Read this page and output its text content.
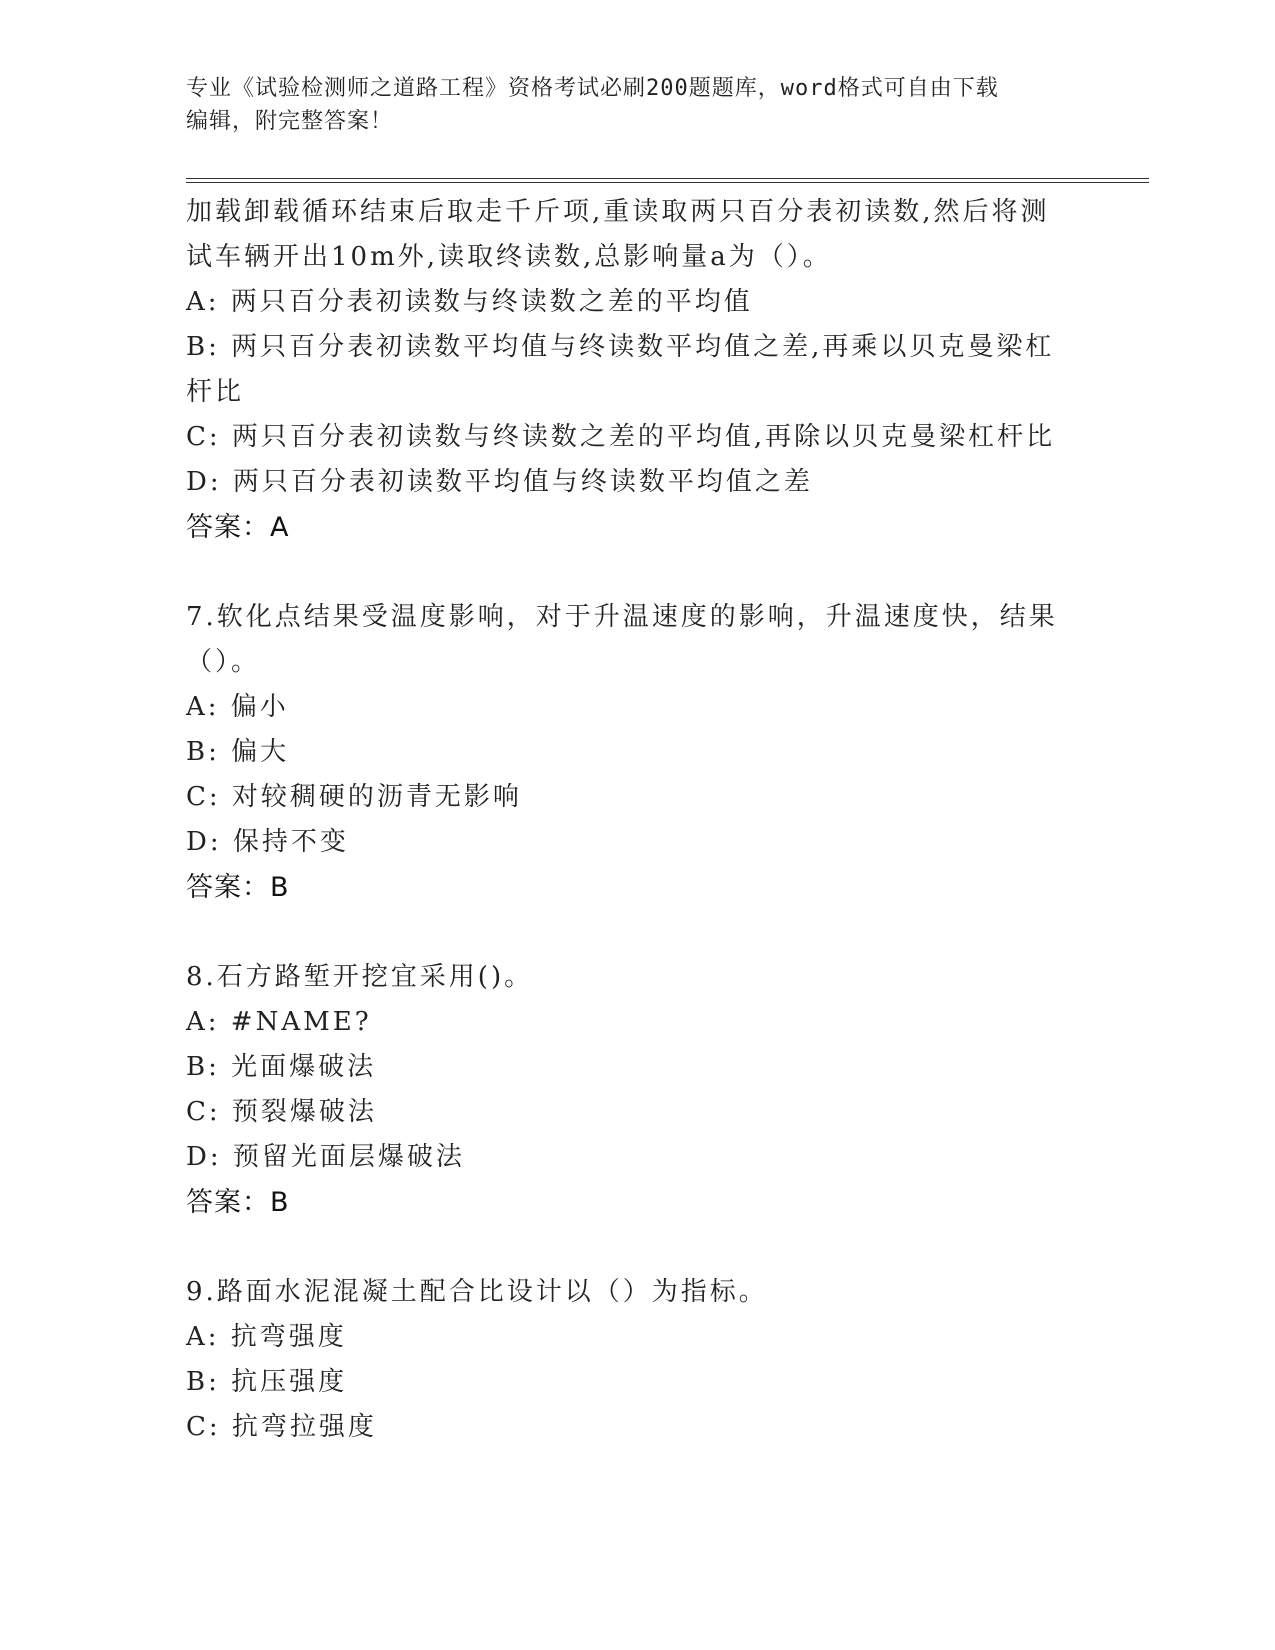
专业《试验检测师之道路工程》资格考试必刷200题题库，word格式可自由下载
编辑，附完整答案！
加载卸载循环结束后取走千斤项,重读取两只百分表初读数,然后将测
试车辆开出10m外,读取终读数,总影响量a为（）。
A: 两只百分表初读数与终读数之差的平均值
B: 两只百分表初读数平均值与终读数平均值之差,再乘以贝克曼梁杠
杆比
C: 两只百分表初读数与终读数之差的平均值,再除以贝克曼梁杠杆比
D: 两只百分表初读数平均值与终读数平均值之差
答案：A
7.软化点结果受温度影响，对于升温速度的影响，升温速度快，结果
（）。
A: 偏小
B: 偏大
C: 对较稠硬的沥青无影响
D: 保持不变
答案：B
8.石方路堑开挖宜采用()。
A: #NAME?
B: 光面爆破法
C: 预裂爆破法
D: 预留光面层爆破法
答案：B
9.路面水泥混凝土配合比设计以（）为指标。
A: 抗弯强度
B: 抗压强度
C: 抗弯拉强度
